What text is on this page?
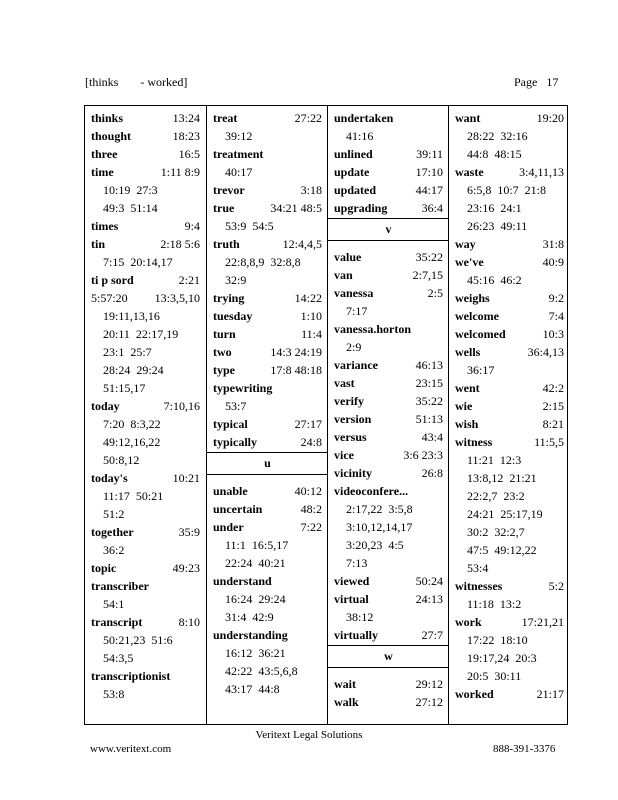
[thinks - worked]	Page 17
thinks	13:24
thought	18:23
three	16:5
time	1:11 8:9
10:19  27:3
49:3  51:14
times	9:4
tin	2:18 5:6
7:15  20:14,17
ti p sord	2:21
5:57:20 13:3,5,10
19:11,13,16
20:11  22:17,19
23:1  25:7
28:24  29:24
51:15,17
today	7:10,16
7:20  8:3,22
49:12,16,22
50:8,12
today's	10:21
11:17  50:21
51:2
together	35:9
36:2
topic	49:23
transcriber
54:1
transcript	8:10
50:21,23  51:6
54:3,5
transcriptionist
53:8
treat	27:22
39:12
treatment
40:17
trevor	3:18
true	34:21 48:5
53:9  54:5
truth	12:4,4,5
22:8,8,9  32:8,8
32:9
trying	14:22
tuesday	1:10
turn	11:4
two	14:3 24:19
type	17:8 48:18
typewriting
53:7
typical	27:17
typically	24:8
u
unable	40:12
uncertain	48:2
under	7:22
11:1  16:5,17
22:24  40:21
understand
16:24  29:24
31:4  42:9
understanding
16:12  36:21
42:22  43:5,6,8
43:17  44:8
undertaken
41:16
unlined	39:11
update	17:10
updated	44:17
upgrading	36:4
v
value	35:22
van	2:7,15
vanessa	2:5
7:17
vanessa.horton
2:9
variance	46:13
vast	23:15
verify	35:22
version	51:13
versus	43:4
vice	3:6 23:3
vicinity	26:8
videoconfere...
2:17,22  3:5,8
3:10,12,14,17
3:20,23  4:5
7:13
viewed	50:24
virtual	24:13
38:12
virtually	27:7
w
wait	29:12
walk	27:12
want	19:20
28:22  32:16
44:8  48:15
waste	3:4,11,13
6:5,8  10:7  21:8
23:16  24:1
26:23  49:11
way	31:8
we've	40:9
45:16  46:2
weighs	9:2
welcome	7:4
welcomed	10:3
wells	36:4,13
36:17
went	42:2
wie	2:15
wish	8:21
witness	11:5,5
11:21  12:3
13:8,12  21:21
22:2,7  23:2
24:21  25:17,19
30:2  32:2,7
47:5  49:12,22
53:4
witnesses	5:2
11:18  13:2
work	17:21,21
17:22  18:10
19:17,24  20:3
20:5  30:11
worked	21:17
Veritext Legal Solutions
www.veritext.com	888-391-3376
